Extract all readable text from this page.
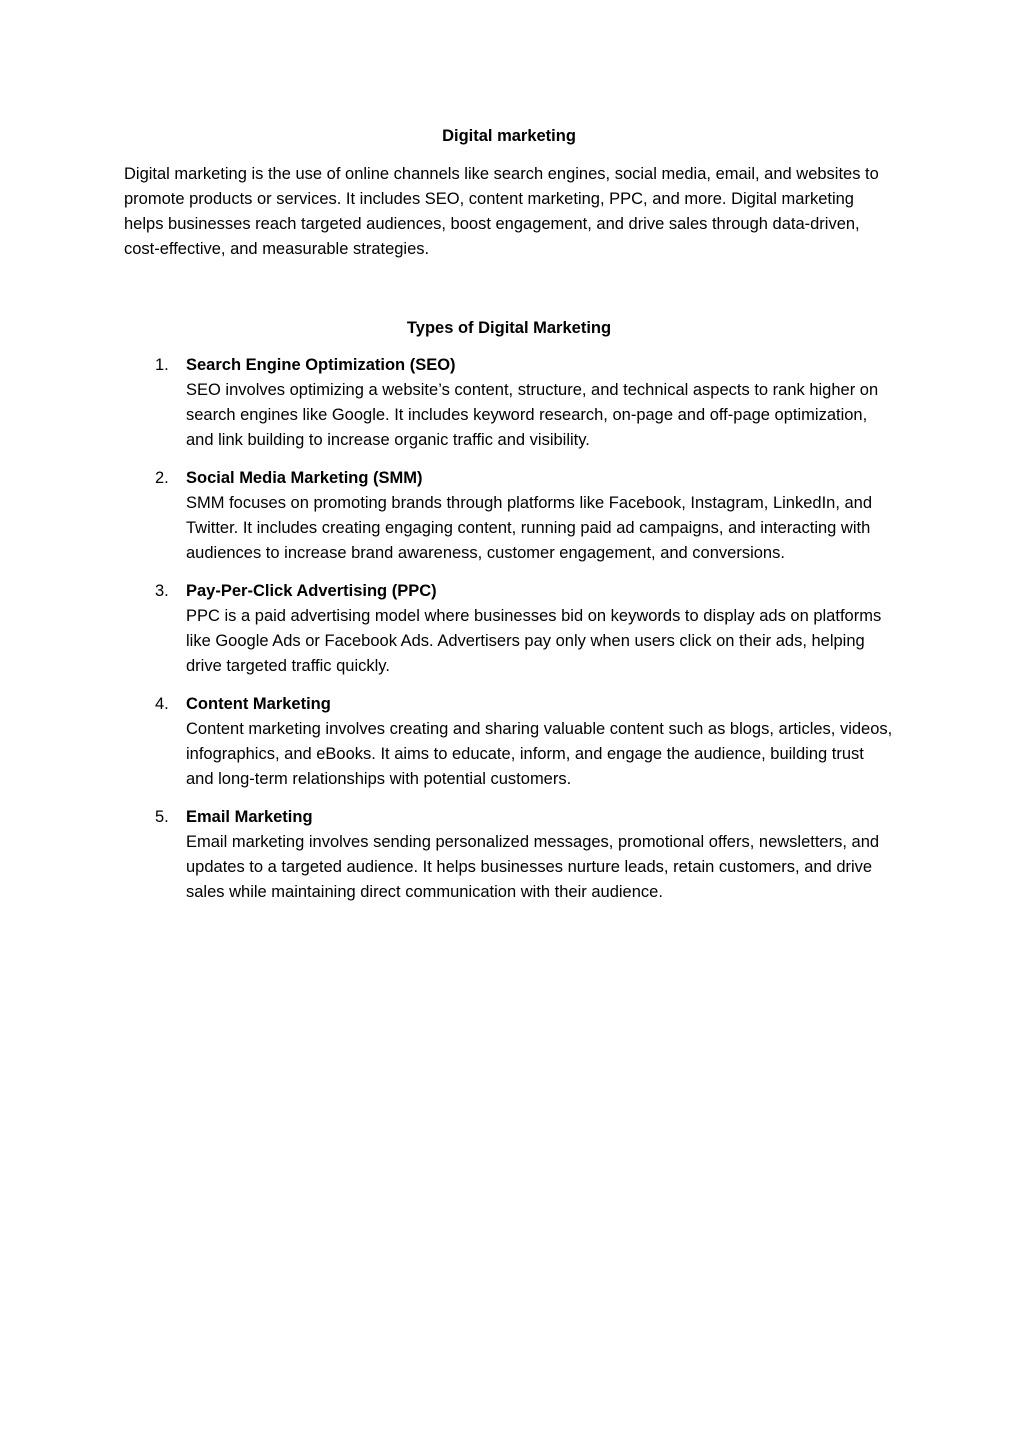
Digital marketing

Digital marketing is the use of online channels like search engines, social media, email, and websites to promote products or services. It includes SEO, content marketing, PPC, and more. Digital marketing helps businesses reach targeted audiences, boost engagement, and drive sales through data-driven, cost-effective, and measurable strategies.

Types of Digital Marketing
1. Search Engine Optimization (SEO)
SEO involves optimizing a website’s content, structure, and technical aspects to rank higher on search engines like Google. It includes keyword research, on-page and off-page optimization, and link building to increase organic traffic and visibility.
2. Social Media Marketing (SMM)
SMM focuses on promoting brands through platforms like Facebook, Instagram, LinkedIn, and Twitter. It includes creating engaging content, running paid ad campaigns, and interacting with audiences to increase brand awareness, customer engagement, and conversions.
3. Pay-Per-Click Advertising (PPC)
PPC is a paid advertising model where businesses bid on keywords to display ads on platforms like Google Ads or Facebook Ads. Advertisers pay only when users click on their ads, helping drive targeted traffic quickly.
4. Content Marketing
Content marketing involves creating and sharing valuable content such as blogs, articles, videos, infographics, and eBooks. It aims to educate, inform, and engage the audience, building trust and long-term relationships with potential customers.
5. Email Marketing
Email marketing involves sending personalized messages, promotional offers, newsletters, and updates to a targeted audience. It helps businesses nurture leads, retain customers, and drive sales while maintaining direct communication with their audience.
